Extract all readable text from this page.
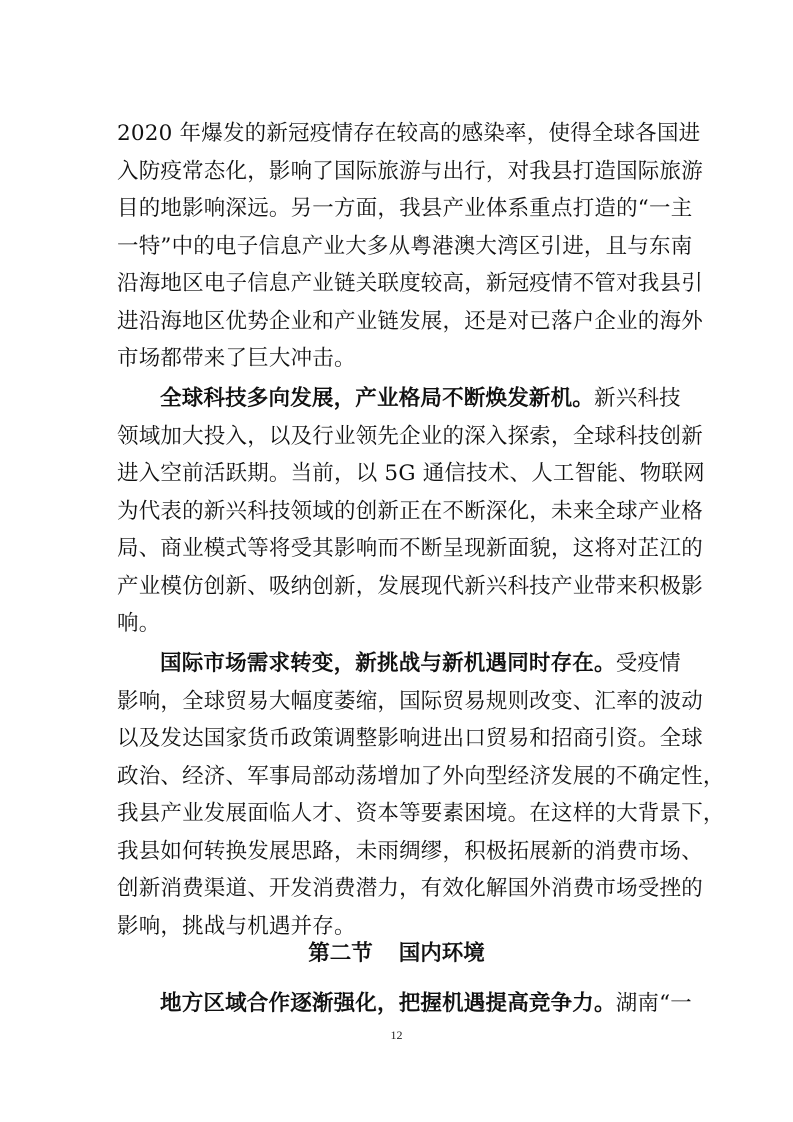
2020 年爆发的新冠疫情存在较高的感染率，使得全球各国进
入防疫常态化，影响了国际旅游与出行，对我县打造国际旅游
目的地影响深远。另一方面，我县产业体系重点打造的“一主
一特”中的电子信息产业大多从粤港澳大湾区引进，且与东南
沿海地区电子信息产业链关联度较高，新冠疫情不管对我县引
进沿海地区优势企业和产业链发展，还是对已落户企业的海外
市场都带来了巨大冲击。
全球科技多向发展，产业格局不断焕发新机。新兴科技
领域加大投入，以及行业领先企业的深入探索，全球科技创新
进入空前活跃期。当前，以 5G 通信技术、人工智能、物联网
为代表的新兴科技领域的创新正在不断深化，未来全球产业格
局、商业模式等将受其影响而不断呈现新面貌，这将对芷江的
产业模仿创新、吸纳创新，发展现代新兴科技产业带来积极影
响。
国际市场需求转变，新挑战与新机遇同时存在。受疫情
影响，全球贸易大幅度萎缩，国际贸易规则改变、汇率的波动
以及发达国家货币政策调整影响进出口贸易和招商引资。全球
政治、经济、军事局部动荡增加了外向型经济发展的不确定性，
我县产业发展面临人才、资本等要素困境。在这样的大背景下，
我县如何转换发展思路，未雨绸缪，积极拓展新的消费市场、
创新消费渠道、开发消费潜力，有效化解国外消费市场受挫的
影响，挑战与机遇并存。
第二节 国内环境
地方区域合作逐渐强化，把握机遇提高竞争力。湖南“一
12
